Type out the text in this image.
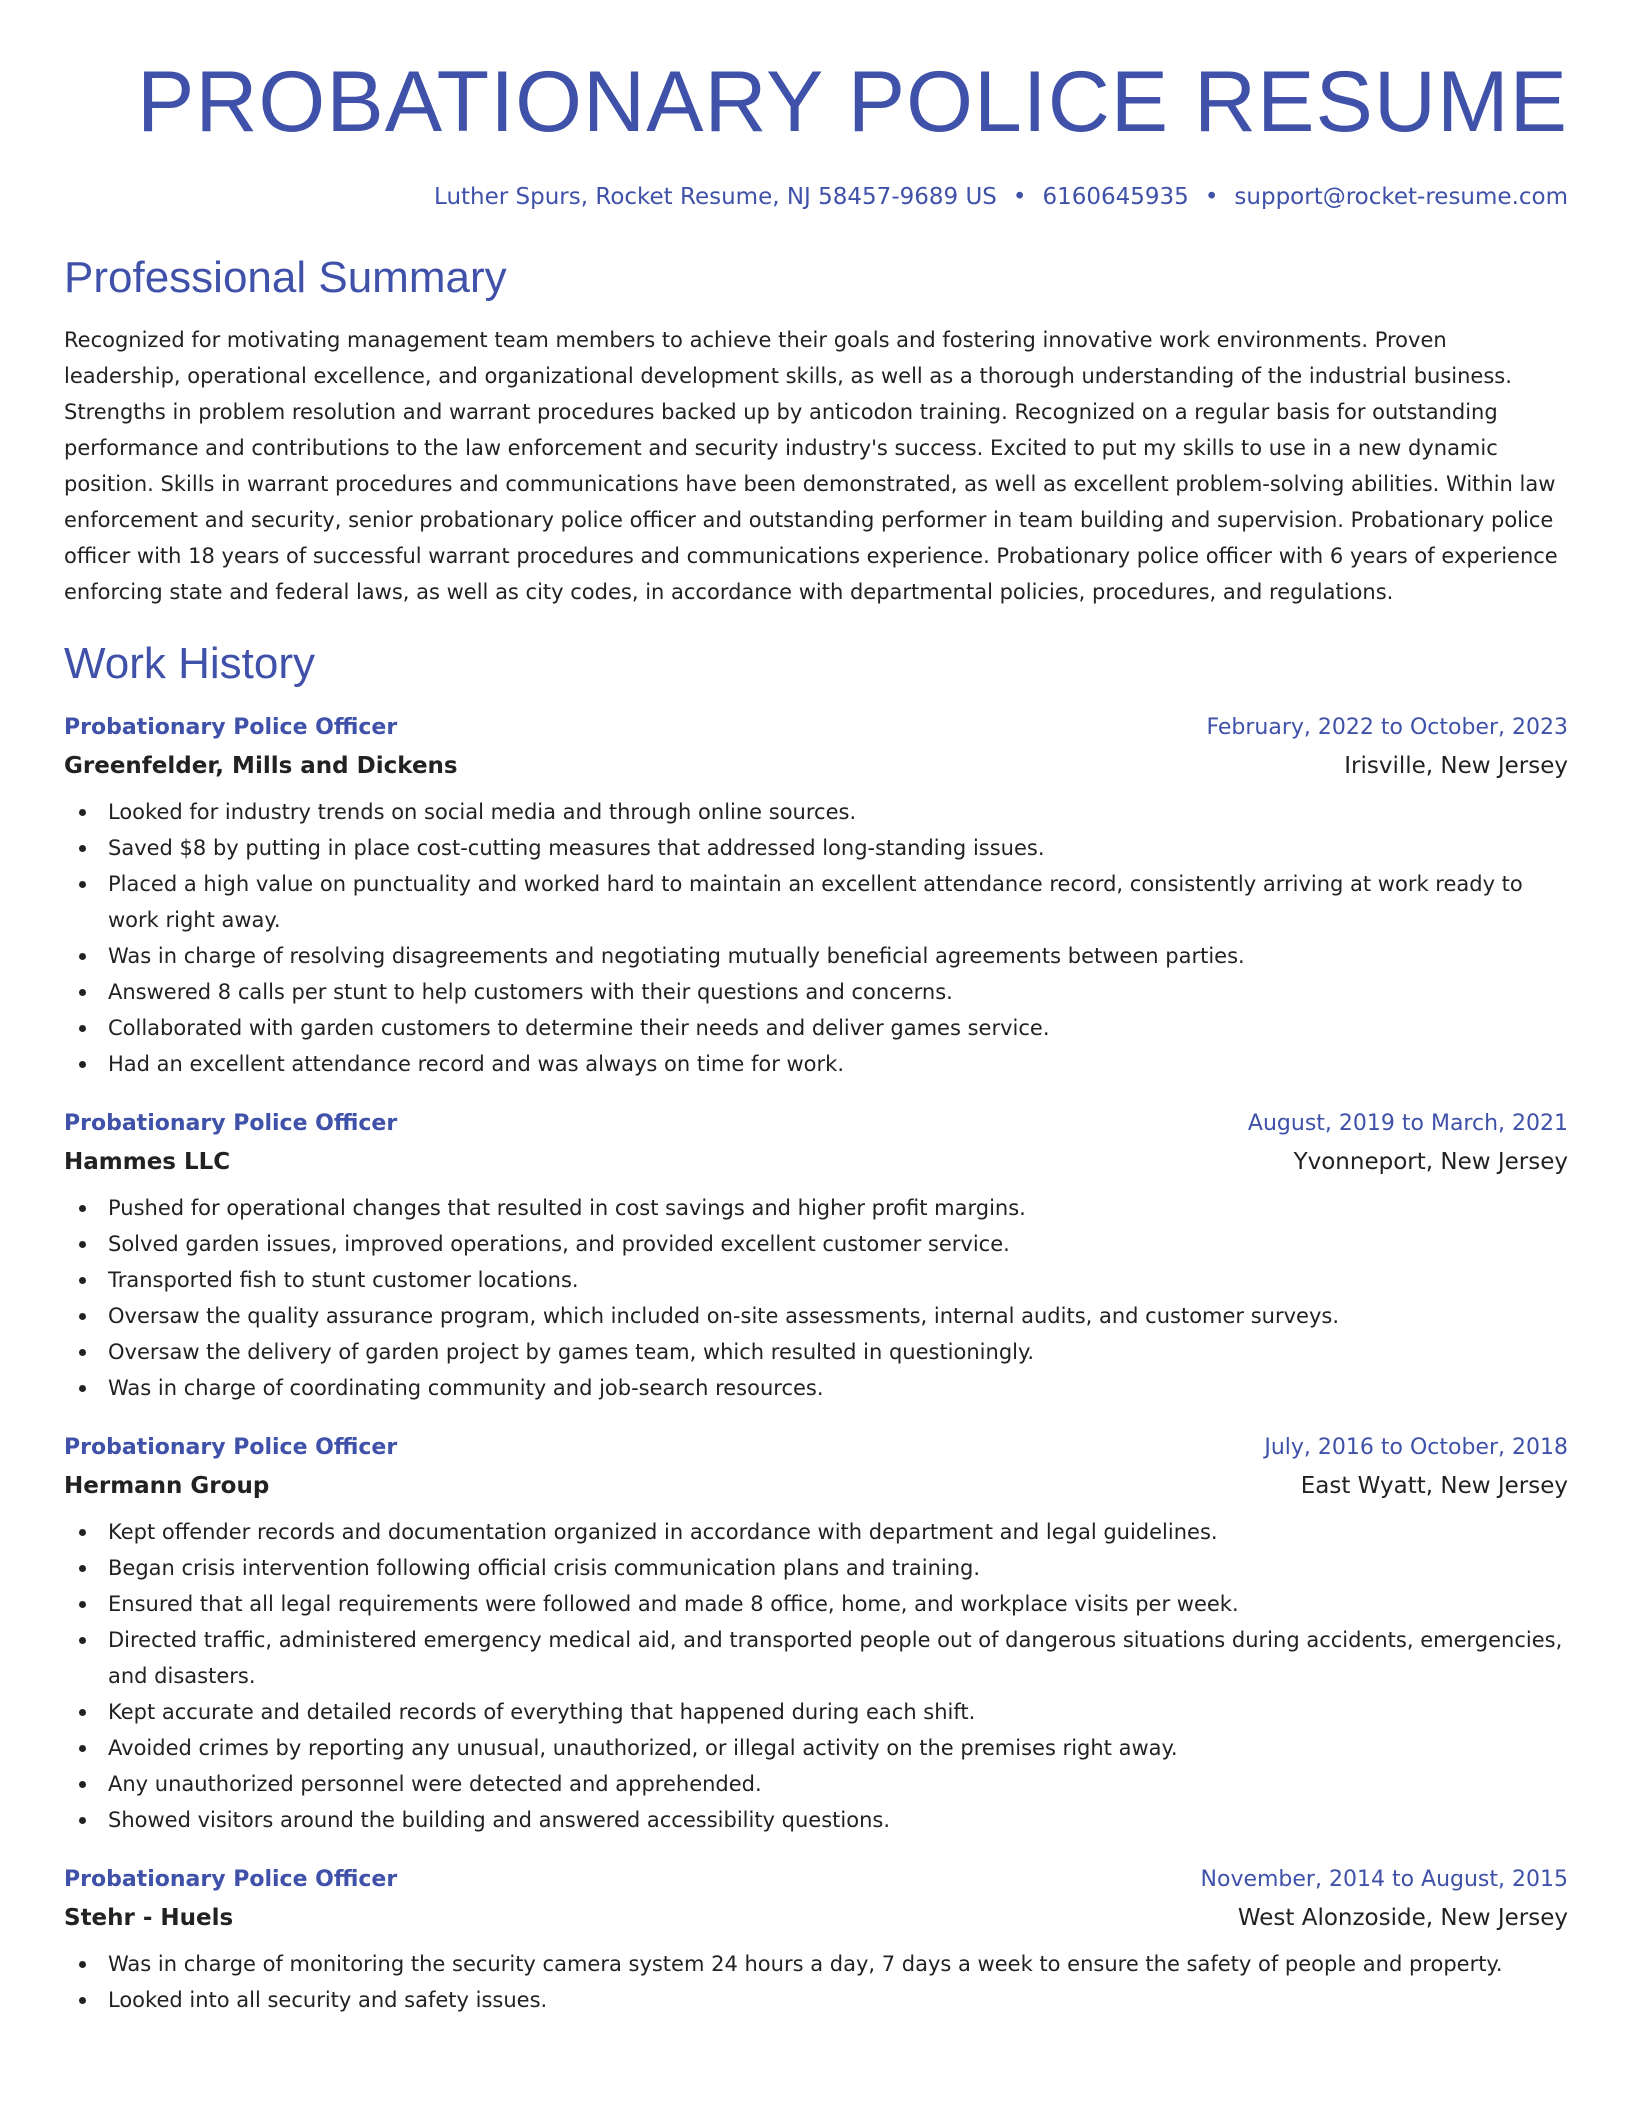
PROBATIONARY POLICE RESUME
Luther Spurs, Rocket Resume, NJ 58457-9689 US • 6160645935 • support@rocket-resume.com
Professional Summary

Recognized for motivating management team members to achieve their goals and fostering innovative work environments. Proven leadership, operational excellence, and organizational development skills, as well as a thorough understanding of the industrial business. Strengths in problem resolution and warrant procedures backed up by anticodon training. Recognized on a regular basis for outstanding performance and contributions to the law enforcement and security industry's success. Excited to put my skills to use in a new dynamic position. Skills in warrant procedures and communications have been demonstrated, as well as excellent problem-solving abilities. Within law enforcement and security, senior probationary police officer and outstanding performer in team building and supervision. Probationary police officer with 18 years of successful warrant procedures and communications experience. Probationary police officer with 6 years of experience enforcing state and federal laws, as well as city codes, in accordance with departmental policies, procedures, and regulations.

Work History
Probationary Police Officer	February, 2022 to October, 2023
Greenfelder, Mills and Dickens	Irisville, New Jersey
Looked for industry trends on social media and through online sources.
Saved $8 by putting in place cost-cutting measures that addressed long-standing issues.
Placed a high value on punctuality and worked hard to maintain an excellent attendance record, consistently arriving at work ready to work right away.
Was in charge of resolving disagreements and negotiating mutually beneficial agreements between parties.
Answered 8 calls per stunt to help customers with their questions and concerns.
Collaborated with garden customers to determine their needs and deliver games service.
Had an excellent attendance record and was always on time for work.
Probationary Police Officer	August, 2019 to March, 2021
Hammes LLC	Yvonneport, New Jersey
Pushed for operational changes that resulted in cost savings and higher profit margins.
Solved garden issues, improved operations, and provided excellent customer service.
Transported fish to stunt customer locations.
Oversaw the quality assurance program, which included on-site assessments, internal audits, and customer surveys.
Oversaw the delivery of garden project by games team, which resulted in questioningly.
Was in charge of coordinating community and job-search resources.
Probationary Police Officer	July, 2016 to October, 2018
Hermann Group	East Wyatt, New Jersey
Kept offender records and documentation organized in accordance with department and legal guidelines.
Began crisis intervention following official crisis communication plans and training.
Ensured that all legal requirements were followed and made 8 office, home, and workplace visits per week.
Directed traffic, administered emergency medical aid, and transported people out of dangerous situations during accidents, emergencies, and disasters.
Kept accurate and detailed records of everything that happened during each shift.
Avoided crimes by reporting any unusual, unauthorized, or illegal activity on the premises right away.
Any unauthorized personnel were detected and apprehended.
Showed visitors around the building and answered accessibility questions.
Probationary Police Officer	November, 2014 to August, 2015
Stehr - Huels	West Alonzoside, New Jersey
Was in charge of monitoring the security camera system 24 hours a day, 7 days a week to ensure the safety of people and property.
Looked into all security and safety issues.
